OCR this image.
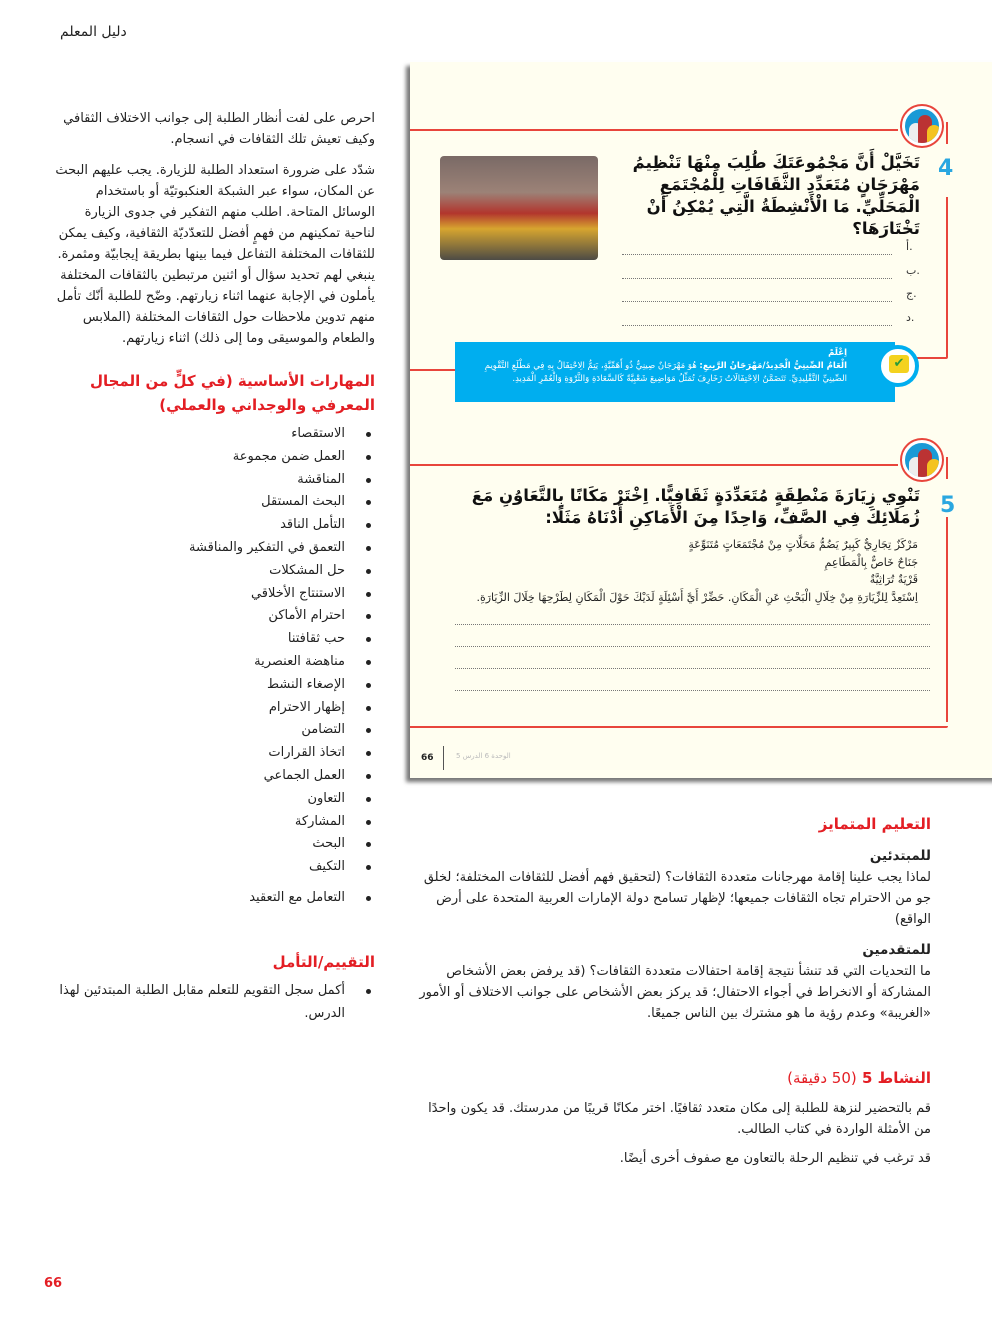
دليل المعلم

احرص على لفت أنظار الطلبة إلى جوانب الاختلاف الثقافي وكيف تعيش تلك الثقافات في انسجام.

شدّد على ضرورة استعداد الطلبة للزيارة. يجب عليهم البحث عن المكان، سواء عبر الشبكة العنكبوتيّة أو باستخدام الوسائل المتاحة. اطلب منهم التفكير في جدوى الزيارة لناحية تمكينهم من فهمٍ أفضل للتعدّديّة الثقافية، وكيف يمكن للثقافات المختلفة التفاعل فيما بينها بطريقة إيجابيّة ومثمرة. ينبغي لهم تحديد سؤال أو اثنين مرتبطين بالثقافات المختلفة يأملون في الإجابة عنهما اثناء زيارتهم. وضّح للطلبة أنّك تأمل منهم تدوين ملاحظات حول الثقافات المختلفة (الملابس والطعام والموسيقى وما إلى ذلك) اثناء زيارتهم.

المهارات الأساسية (في كلٍّ من المجال المعرفي والوجداني والعملي)
الاستقصاء
العمل ضمن مجموعة
المناقشة
البحث المستقل
التأمل الناقد
التعمق في التفكير والمناقشة
حل المشكلات
الاستنتاج الأخلاقي
احترام الأماكن
حب ثقافتنا
مناهضة العنصرية
الإصغاء النشط
إظهار الاحترام
التضامن
اتخاذ القرارات
العمل الجماعي
التعاون
المشاركة
البحث
التكيف
التعامل مع التعقيد
التقييم/التأمل
أكمل سجل التقويم للتعلم مقابل الطلبة المبتدئين لهذا الدرس.
4
تَخَيَّلْ أَنَّ مَجْمُوعَتَكَ طُلِبَ مِنْهَا تَنْظِيمُ مَهْرَجَانٍ مُتَعَدِّدِ الثَّقَافَاتِ لِلْمُجْتَمَعِ الْمَحَلِّيِّ. مَا الْأَنْشِطَةُ الَّتِي يُمْكِنُ أَنْ تَخْتَارَهَا؟
اِعْلَمْ
الْعَامُ الصِّينِيُّ الْجَدِيدُ/مَهْرَجَانُ الرَّبِيعِ: هُوَ مَهْرَجَانٌ صِينِيٌّ ذُو أَهَمِّيَّةٍ، يَتِمُّ الِاحْتِفَالُ بِهِ فِي مَطْلَعِ التَّقْوِيمِ الصِّينِيِّ التَّقْلِيدِيِّ. تَتَضَمَّنُ الِاحْتِفَالَاتُ زَخَارِفَ تُمَثِّلُ مَوَاضِيعَ شَعْبِيَّةً كَالسَّعَادَةِ وَالثَّرْوَةِ وَالْعُمْرِ الْمَدِيدِ.
✔
5
تَنْوِي زِيَارَةَ مَنْطِقَةٍ مُتَعَدِّدَةٍ ثَقَافِيًّا. اِخْتَرْ مَكَانًا بِالتَّعَاوُنِ مَعَ زُمَلَائِكَ فِي الصَّفِّ، وَاحِدًا مِنَ الْأَمَاكِنِ أَدْنَاهُ مَثَلًا:
مَرْكَزٌ تِجَارِيٌّ كَبِيرٌ يَضُمُّ مَحَلَّاتٍ مِنْ مُجْتَمَعَاتٍ مُتَنَوِّعَةٍ
جَنَاحٌ خَاصٌّ بِالْمَطَاعِمِ
قَرْيَةٌ تُرَاثِيَّةٌ
اِسْتَعِدَّ لِلزِّيَارَةِ مِنْ خِلَالِ الْبَحْثِ عَنِ الْمَكَانِ. حَضِّرْ أَيَّ أَسْئِلَةٍ لَدَيْكَ حَوْلَ الْمَكَانِ لِطَرْحِهَا خِلَالَ الزِّيَارَةِ.
66	الوحدة 6 الدرس 5
أ.
ب.
ج.
د.
التعليم المتمايز
للمبتدئين

لماذا يجب علينا إقامة مهرجانات متعددة الثقافات؟ (لتحقيق فهم أفضل للثقافات المختلفة؛ لخلق جو من الاحترام تجاه الثقافات جميعها؛ لإظهار تسامح دولة الإمارات العربية المتحدة على أرض الواقع)

للمتقدمين

ما التحديات التي قد تنشأ نتيجة إقامة احتفالات متعددة الثقافات؟ (قد يرفض بعض الأشخاص المشاركة أو الانخراط في أجواء الاحتفال؛ قد يركز بعض الأشخاص على جوانب الاختلاف أو الأمور «الغريبة» وعدم رؤية ما هو مشترك بين الناس جميعًا.

النشاط 5 (50 دقيقة)

قم بالتحضير لنزهة للطلبة إلى مكان متعدد ثقافيًا. اختر مكانًا قريبًا من مدرستك. قد يكون واحدًا من الأمثلة الواردة في كتاب الطالب.

قد ترغب في تنظيم الرحلة بالتعاون مع صفوف أخرى أيضًا.

66
